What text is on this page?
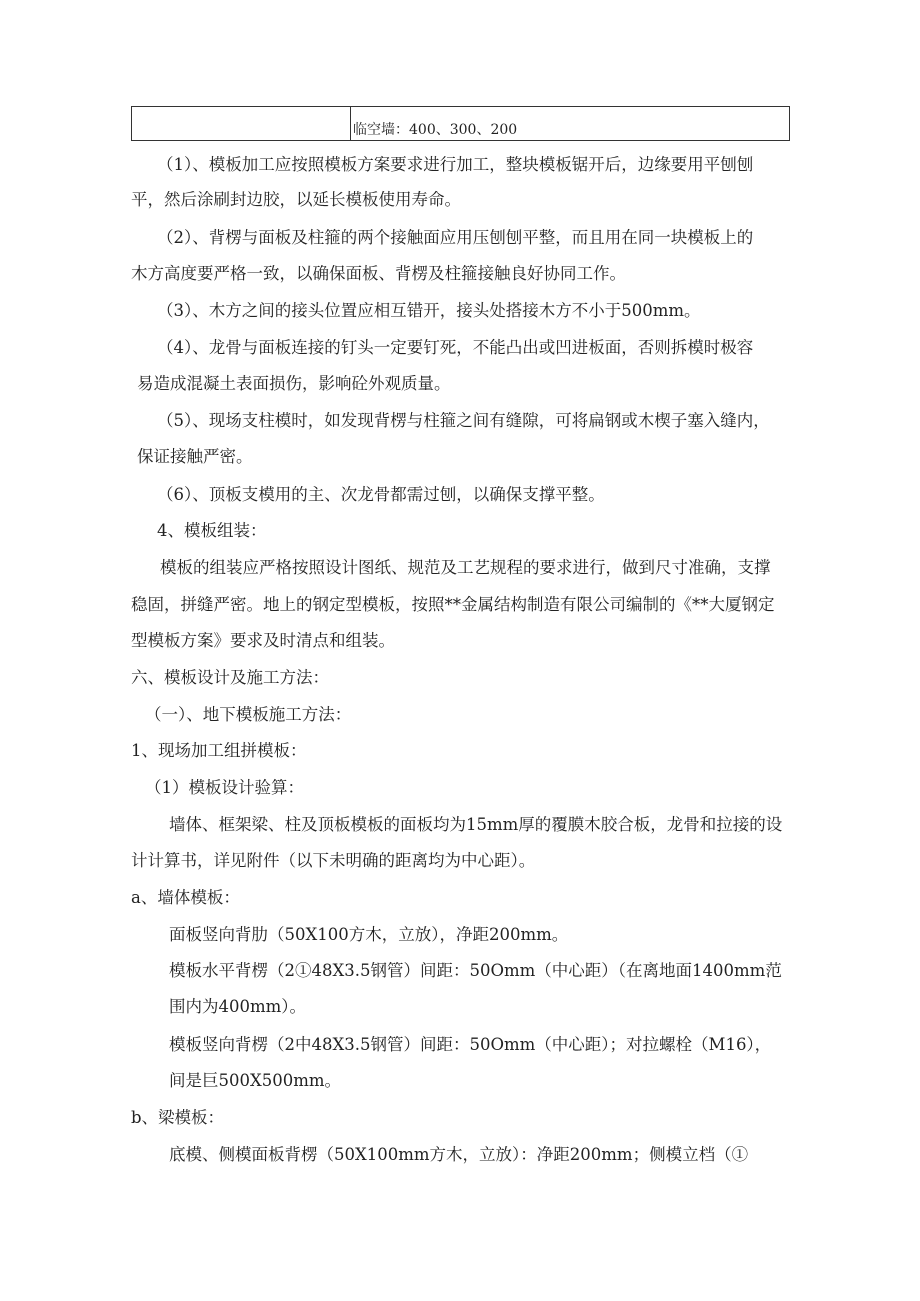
临空墙：400、300、200
（1）、模板加工应按照模板方案要求进行加工，整块模板锯开后，边缘要用平刨刨
平，然后涂刷封边胶，以延长模板使用寿命。
（2）、背楞与面板及柱箍的两个接触面应用压刨刨平整，而且用在同一块模板上的
木方高度要严格一致，以确保面板、背楞及柱箍接触良好协同工作。
（3）、木方之间的接头位置应相互错开，接头处搭接木方不小于500mm。
（4）、龙骨与面板连接的钉头一定要钉死，不能凸出或凹进板面，否则拆模时极容
易造成混凝土表面损伤，影响砼外观质量。
（5）、现场支柱模时，如发现背楞与柱箍之间有缝隙，可将扁钢或木楔子塞入缝内，
保证接触严密。
（6）、顶板支模用的主、次龙骨都需过刨，以确保支撑平整。
4、模板组装：
模板的组装应严格按照设计图纸、规范及工艺规程的要求进行，做到尺寸准确，支撑
稳固，拼缝严密。地上的钢定型模板，按照**金属结构制造有限公司编制的《**大厦钢定
型模板方案》要求及时清点和组装。
六、模板设计及施工方法：
（一）、地下模板施工方法：
1、现场加工组拼模板：
（1）模板设计验算：
墙体、框架梁、柱及顶板模板的面板均为15mm厚的覆膜木胶合板，龙骨和拉接的设
计计算书，详见附件（以下未明确的距离均为中心距）。
a、墙体模板：
面板竖向背肋（50X100方木，立放），净距200mm。
模板水平背楞（2①48X3.5钢管）间距：50Omm（中心距）（在离地面1400mm范
围内为400mm）。
模板竖向背楞（2中48X3.5钢管）间距：50Omm（中心距）；对拉螺栓（M16），
间是巨500X500mm。
b、梁模板：
底模、侧模面板背楞（50X100mm方木，立放）：净距200mm；侧模立档（①
